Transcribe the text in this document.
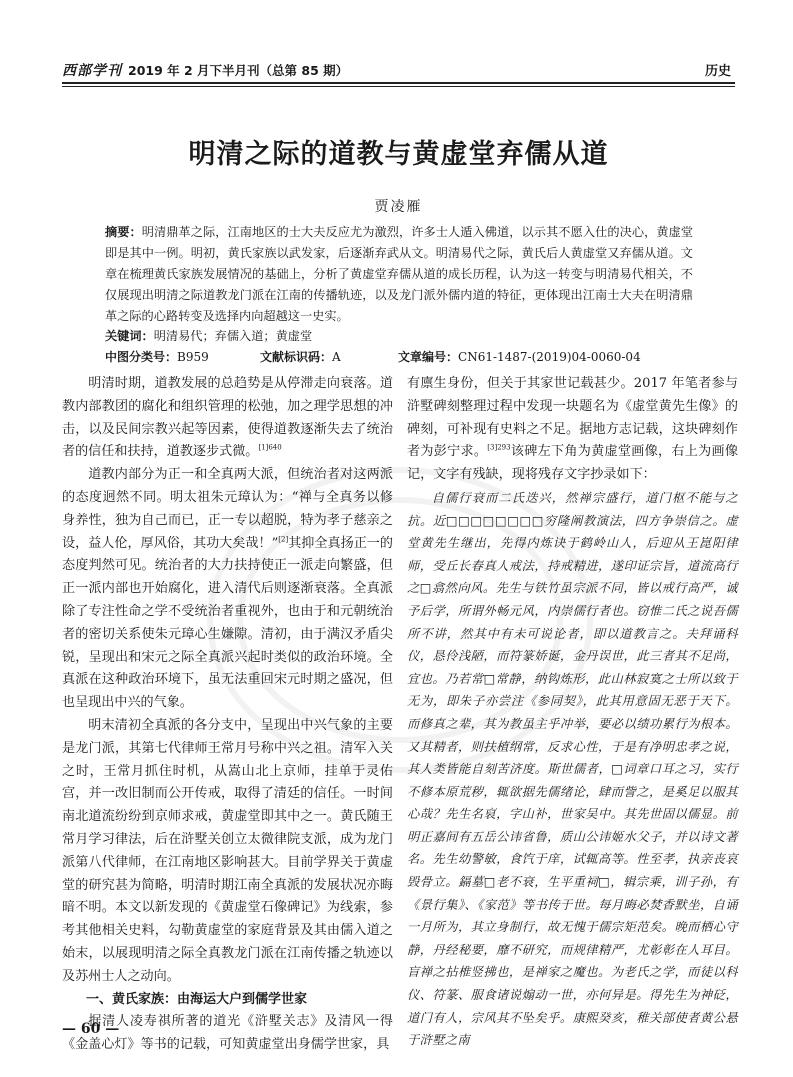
西部学刊 2019 年 2 月下半月刊（总第 85 期）	历史
明清之际的道教与黄虚堂弃儒从道
贾凌雁
摘要：明清鼎革之际，江南地区的士大夫反应尤为激烈，许多士人遁入佛道，以示其不愿入仕的决心，黄虚堂即是其中一例。明初，黄氏家族以武发家，后逐渐弃武从文。明清易代之际，黄氏后人黄虚堂又弃儒从道。文章在梳理黄氏家族发展情况的基础上，分析了黄虚堂弃儒从道的成长历程，认为这一转变与明清易代相关，不仅展现出明清之际道教龙门派在江南的传播轨迹，以及龙门派外儒内道的特征，更体现出江南士大夫在明清鼎革之际的心路转变及选择内向超越这一史实。
关键词：明清易代；弃儒入道；黄虚堂
中图分类号：B959	文献标识码：A	文章编号：CN61-1487-(2019)04-0060-04

明清时期，道教发展的总趋势是从停滞走向衰落。道教内部教团的腐化和组织管理的松弛，加之理学思想的冲击，以及民间宗教兴起等因素，使得道教逐渐失去了统治者的信任和扶持，道教逐步式微。$^{[1]640}$

道教内部分为正一和全真两大派，但统治者对这两派的态度迥然不同。明太祖朱元璋认为：“禅与全真务以修身养性，独为自己而已，正一专以超脱，特为孝子慈亲之设，益人伦，厚风俗，其功大矣哉！”[2]其抑全真扬正一的态度判然可见。统治者的大力扶持使正一派走向繁盛，但正一派内部也开始腐化，进入清代后则逐渐衰落。全真派除了专注性命之学不受统治者重视外，也由于和元朝统治者的密切关系使朱元璋心生嫌隙。清初，由于满汉矛盾尖锐，呈现出和宋元之际全真派兴起时类似的政治环境。全真派在这种政治环境下，虽无法重回宋元时期之盛况，但也呈现出中兴的气象。

明末清初全真派的各分支中，呈现出中兴气象的主要是龙门派，其第七代律师王常月号称中兴之祖。清军入关之时，王常月抓住时机，从嵩山北上京师，挂单于灵佑宫，并一改旧制而公开传戒，取得了清廷的信任。一时间南北道流纷纷到京师求戒，黄虚堂即其中之一。黄氏随王常月学习律法，后在浒墅关创立太微律院支派，成为龙门派第八代律师，在江南地区影响甚大。目前学界关于黄虚堂的研究甚为简略，明清时期江南全真派的发展状况亦晦暗不明。本文以新发现的《黄虚堂石像碑记》为线索，参考其他相关史料，勾勒黄虚堂的家庭背景及其由儒入道之始末，以展现明清之际全真教龙门派在江南传播之轨迹以及苏州士人之动向。

一、黄氏家族：由海运大户到儒学世家

据清人凌寿祺所著的道光《浒墅关志》及清风一得《金盖心灯》等书的记载，可知黄虚堂出身儒学世家，具

有廪生身份，但关于其家世记载甚少。2017 年笔者参与浒墅碑刻整理过程中发现一块题名为《虚堂黄先生像》的碑刻，可补现有史料之不足。据地方志记载，这块碑刻作者为彭宁求。$^{[3]293}$该碑左下角为黄虚堂画像，右上为画像记，文字有残缺，现将残存文字抄录如下：

自儒行衰而二氏迭兴，然禅宗盛行，道门枢不能与之抗。近□□□□□□□□穷隆阐教演法，四方争崇信之。虚堂黄先生继出，先得内炼诀于鹤岭山人，后迎从王崑阳律师，受丘长春真人戒法，持戒精进，遂印证宗旨，道流高行之□翕然向风。先生与铁竹虽宗派不同，皆以戒行高严，诚予后学，所谓外畅元风，内崇儒行者也。窃惟二氏之说吾儒所不讲，然其中有未可说论者，即以道教言之。夫拜诵科仪，恳伶浅陋，而符篆娇诞，金丹误世，此三者其不足尚，宜也。乃若常□常静，纳钩炼形，此山林寂寞之士所以致于无为，即朱子亦尝注《参同契》，此其用意固无恶于天下。而修真之辈，其为教虽主乎冲举，要必以绩功累行为根本。又其精者，则扶植纲常，反求心性，于是有净明忠孝之说，其人类皆能自刻苦济度。斯世儒者，□词章口耳之习，实行不修本原荒秽，辄欲据先儒绪论，肆而訾之，是奚足以服其心哉？先生名裒，字山补，世家吴中。其先世固以儒显。前明正嘉间有五岳公讳省鲁，质山公讳姬水父子，并以诗文著名。先生幼警敏，食饩于庠，试辄高等。性至孝，执亲丧哀毁骨立。鎘墓□老不衰，生平重祠□，辑宗乘，训子孙，有《景行集》、《家范》等书传于世。每月晦必焚香默坐，自诵一月所为，其立身制行，故无愧于儒宗矩范矣。晚而栖心守静，丹经秘要，靡不研究，而规律精严，尤彰彰在人耳目。盲禅之拈椎竖拂也，是禅家之魔也。为老氏之学，而徒以科仪、符篆、服食诸说煽动一世，亦何异是。得先生为神砭，道门有人，宗风其不坠矣乎。康熙癸亥，稚关部使者黄公悬于浒墅之南

— 60 —
